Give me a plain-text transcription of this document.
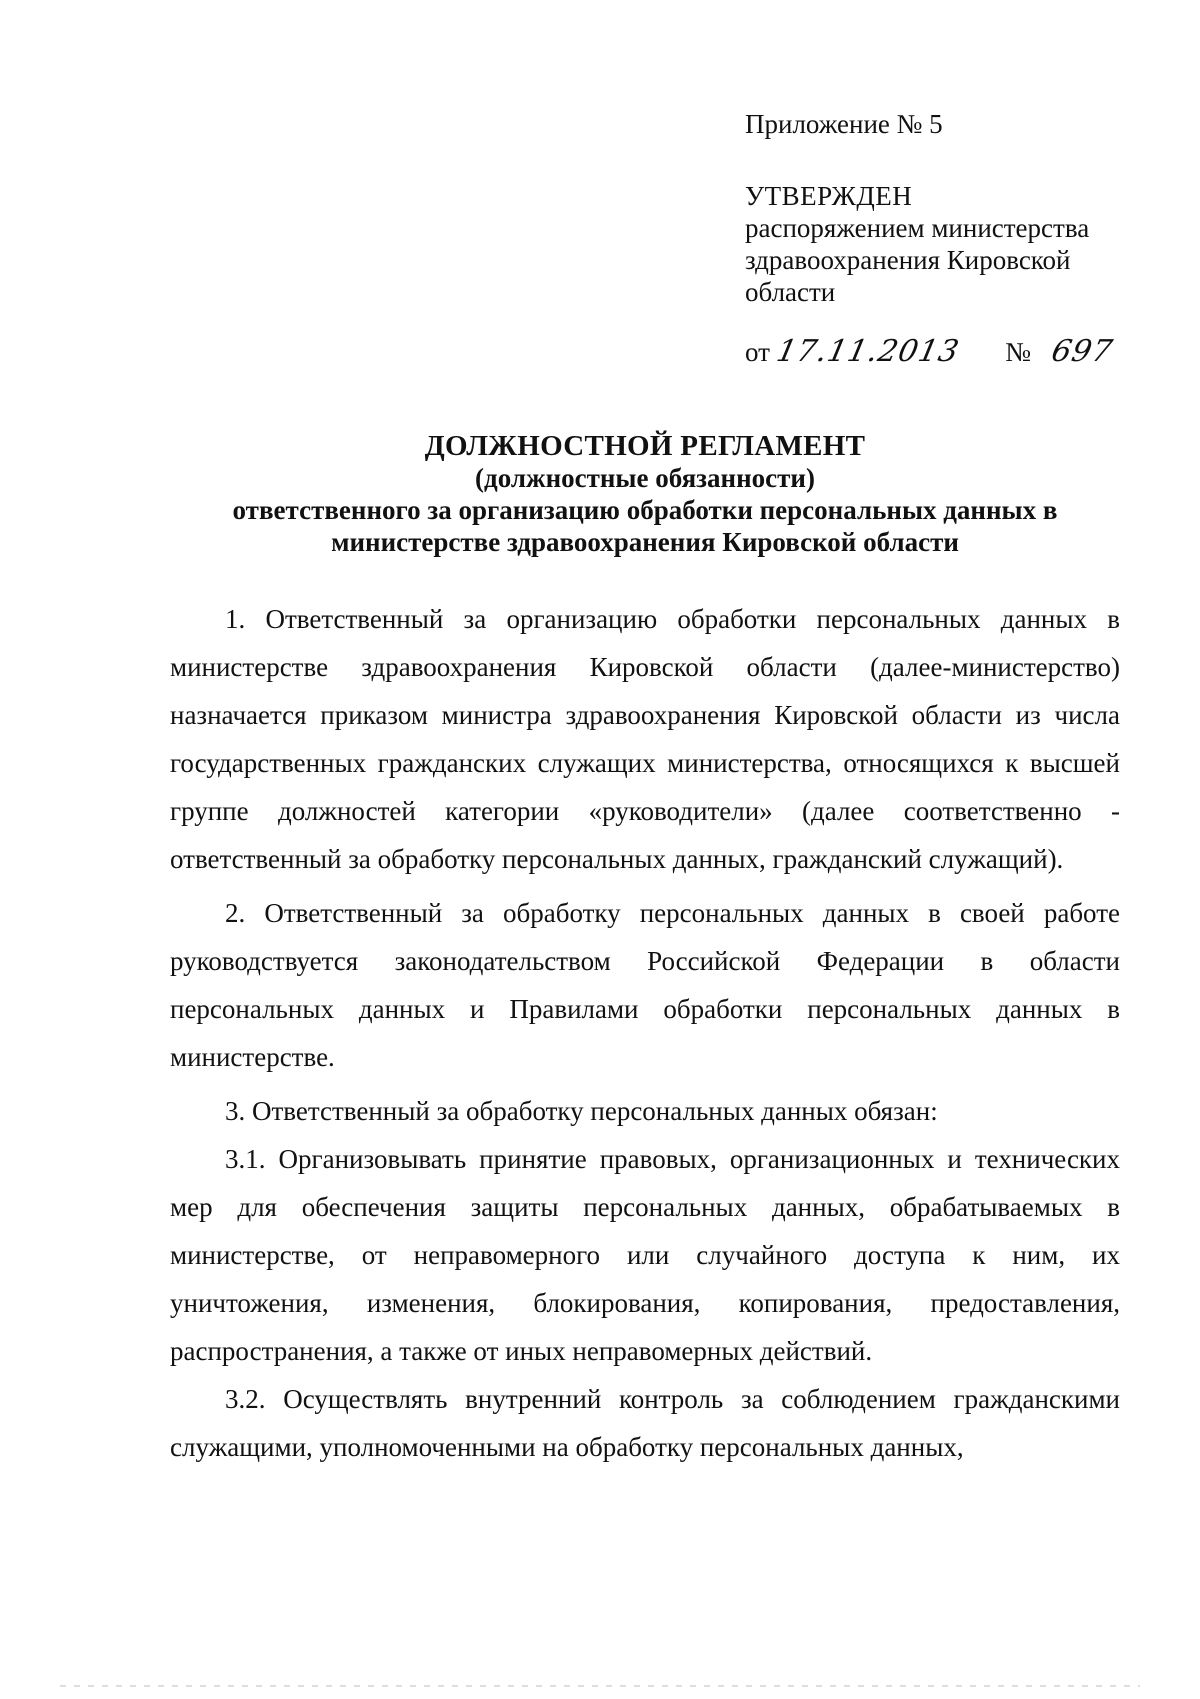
Приложение № 5
УТВЕРЖДЕН
распоряжением министерства
здравоохранения Кировской
области
от 17.11.2013 № 697
ДОЛЖНОСТНОЙ РЕГЛАМЕНТ
(должностные обязанности)
ответственного за организацию обработки персональных данных в
министерстве здравоохранения Кировской области

1. Ответственный за организацию обработки персональных данных в министерстве здравоохранения Кировской области (далее-министерство) назначается приказом министра здравоохранения Кировской области из числа государственных гражданских служащих министерства, относящихся к высшей группе должностей категории «руководители» (далее соответственно - ответственный за обработку персональных данных, гражданский служащий).

2. Ответственный за обработку персональных данных в своей работе руководствуется законодательством Российской Федерации в области персональных данных и Правилами обработки персональных данных в министерстве.

3. Ответственный за обработку персональных данных обязан:

3.1. Организовывать принятие правовых, организационных и технических мер для обеспечения защиты персональных данных, обрабатываемых в министерстве, от неправомерного или случайного доступа к ним, их уничтожения, изменения, блокирования, копирования, предоставления, распространения, а также от иных неправомерных действий.

3.2. Осуществлять внутренний контроль за соблюдением гражданскими служащими, уполномоченными на обработку персональных данных,
